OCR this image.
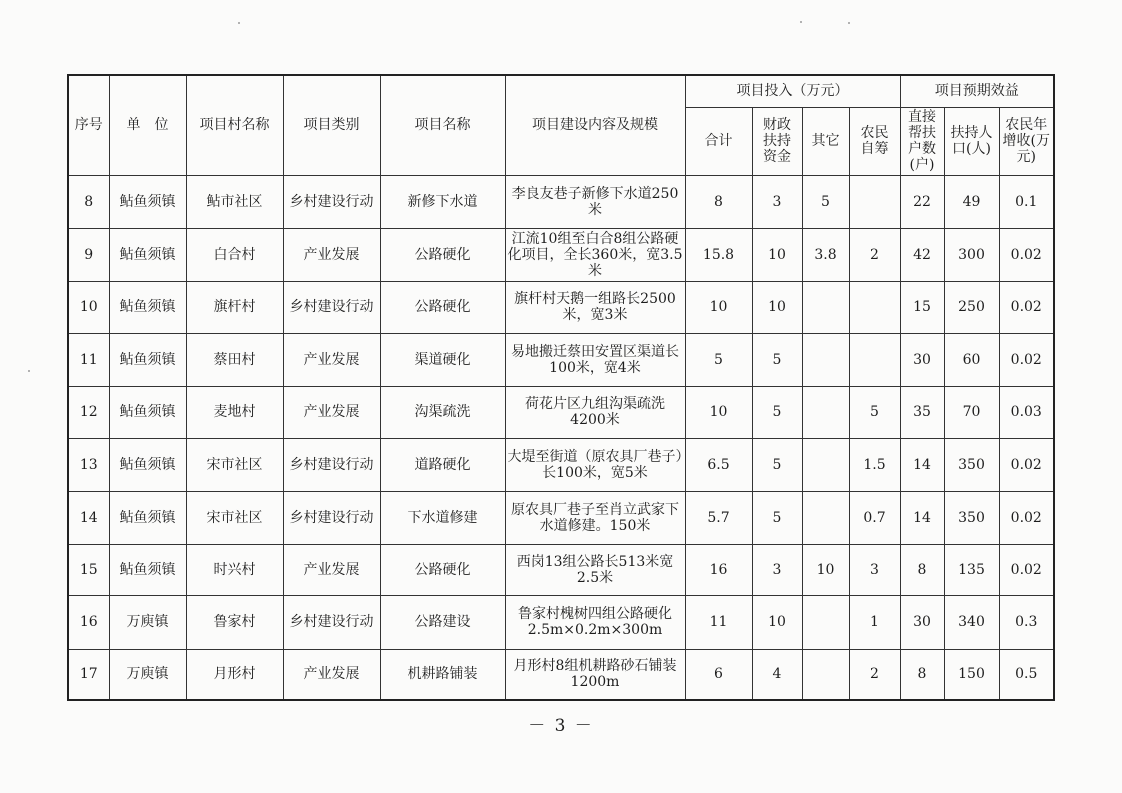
序号	单　位	项目村名称	项目类别	项目名称	项目建设内容及规模	项目投入（万元）				项目预期效益		
						合计	财政扶持资金	其它	农民自筹	直接帮扶户数(户)	扶持人口(人)	农民年增收(万元)
8	鲇鱼须镇	鲇市社区	乡村建设行动	新修下水道	李良友巷子新修下水道250米	8	3	5		22	49	0.1
9	鲇鱼须镇	白合村	产业发展	公路硬化	江流10组至白合8组公路硬化项目，全长360米，宽3.5米	15.8	10	3.8	2	42	300	0.02
10	鲇鱼须镇	旗杆村	乡村建设行动	公路硬化	旗杆村天鹅一组路长2500米，宽3米	10	10			15	250	0.02
11	鲇鱼须镇	蔡田村	产业发展	渠道硬化	易地搬迁蔡田安置区渠道长100米，宽4米	5	5			30	60	0.02
12	鲇鱼须镇	麦地村	产业发展	沟渠疏洗	荷花片区九组沟渠疏洗4200米	10	5		5	35	70	0.03
13	鲇鱼须镇	宋市社区	乡村建设行动	道路硬化	大堤至街道（原农具厂巷子）长100米，宽5米	6.5	5		1.5	14	350	0.02
14	鲇鱼须镇	宋市社区	乡村建设行动	下水道修建	原农具厂巷子至肖立武家下水道修建。150米	5.7	5		0.7	14	350	0.02
15	鲇鱼须镇	时兴村	产业发展	公路硬化	西岗13组公路长513米宽2.5米	16	3	10	3	8	135	0.02
16	万庾镇	鲁家村	乡村建设行动	公路建设	鲁家村槐树四组公路硬化2.5m×0.2m×300m	11	10		1	30	340	0.3
17	万庾镇	月形村	产业发展	机耕路铺装	月形村8组机耕路砂石铺装1200m	6	4		2	8	150	0.5
－ 3 －
